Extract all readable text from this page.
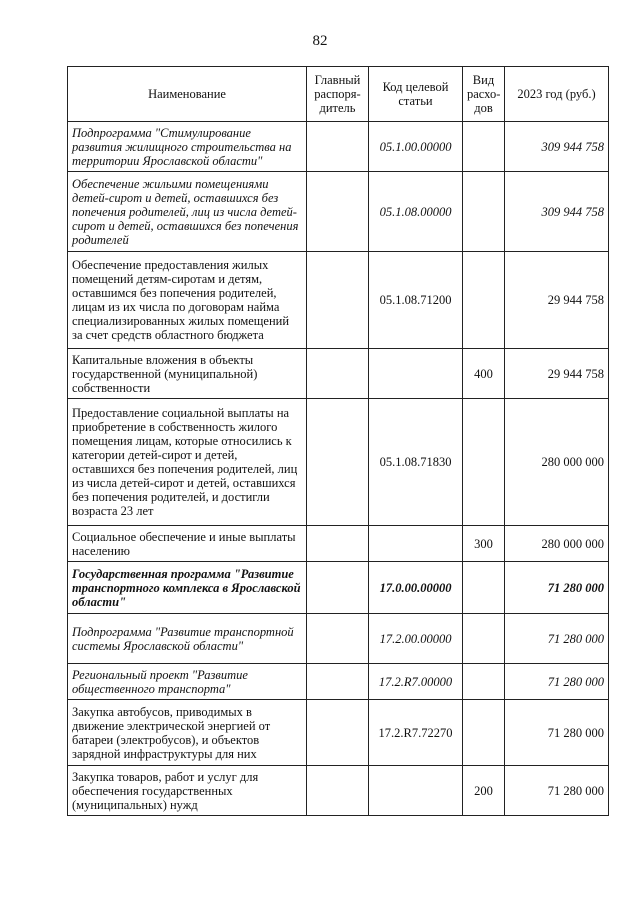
82
Наименование	Главный распоря-дитель	Код целевой статьи	Вид расхо-дов	2023 год (руб.)
Подпрограмма "Стимулирование развития жилищного строительства на территории Ярославской области"		05.1.00.00000		309 944 758
Обеспечение жильими помещениями детей-сирот и детей, оставшихся без попечения родителей, лиц из числа детей-сирот и детей, оставшихся без попечения родителей		05.1.08.00000		309 944 758
Обеспечение предоставления жилых помещений детям-сиротам и детям, оставшимся без попечения родителей, лицам из их числа по договорам найма специализированных жилых помещений за счет средств областного бюджета		05.1.08.71200		29 944 758
Капитальные вложения в объекты государственной (муниципальной) собственности			400	29 944 758
Предоставление социальной выплаты на приобретение в собственность жилого помещения лицам, которые относились к категории детей-сирот и детей, оставшихся без попечения родителей, лиц из числа детей-сирот и детей, оставшихся без попечения родителей, и достигли возраста 23 лет		05.1.08.71830		280 000 000
Социальное обеспечение и иные выплаты населению			300	280 000 000
Государственная программа "Развитие транспортного комплекса в Ярославской области"		17.0.00.00000		71 280 000
Подпрограмма "Развитие транспортной системы Ярославской области"		17.2.00.00000		71 280 000
Региональный проект "Развитие общественного транспорта"		17.2.R7.00000		71 280 000
Закупка автобусов, приводимых в движение электрической энергией от батареи (электробусов), и объектов зарядной инфраструктуры для них		17.2.R7.72270		71 280 000
Закупка товаров, работ и услуг для обеспечения государственных (муниципальных) нужд			200	71 280 000
